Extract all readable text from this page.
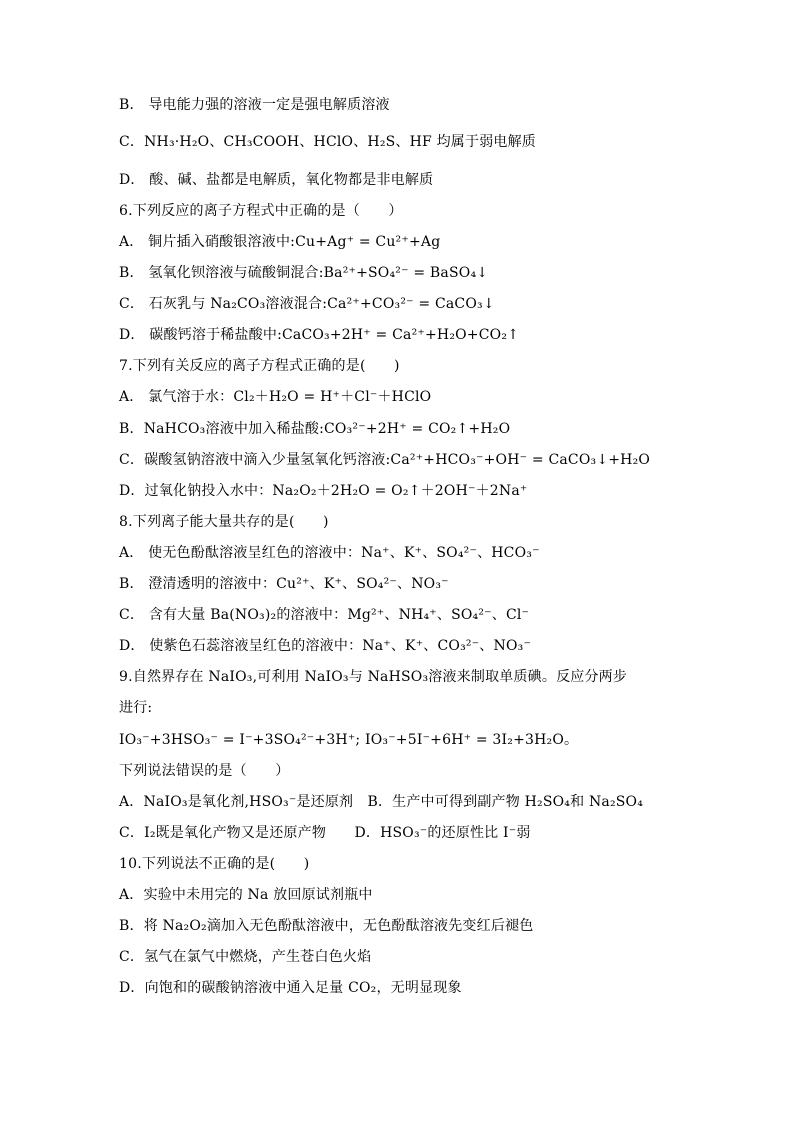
B． 导电能力强的溶液一定是强电解质溶液
C．NH₃·H₂O、CH₃COOH、HClO、H₂S、HF 均属于弱电解质
D． 酸、碱、盐都是电解质，氧化物都是非电解质
6.下列反应的离子方程式中正确的是（　　）
A． 铜片插入硝酸银溶液中:Cu+Ag⁺ = Cu²⁺+Ag
B． 氢氧化钡溶液与硫酸铜混合:Ba²⁺+SO₄²⁻ = BaSO₄↓
C． 石灰乳与 Na₂CO₃溶液混合:Ca²⁺+CO₃²⁻ = CaCO₃↓
D． 碳酸钙溶于稀盐酸中:CaCO₃+2H⁺ = Ca²⁺+H₂O+CO₂↑
7.下列有关反应的离子方程式正确的是(　　)
A． 氯气溶于水：Cl₂＋H₂O = H⁺＋Cl⁻＋HClO
B．NaHCO₃溶液中加入稀盐酸:CO₃²⁻+2H⁺ = CO₂↑+H₂O
C．碳酸氢钠溶液中滴入少量氢氧化钙溶液:Ca²⁺+HCO₃⁻+OH⁻ = CaCO₃↓+H₂O
D．过氧化钠投入水中：Na₂O₂＋2H₂O = O₂↑＋2OH⁻＋2Na⁺
8.下列离子能大量共存的是(　　)
A． 使无色酚酞溶液呈红色的溶液中：Na⁺、K⁺、SO₄²⁻、HCO₃⁻
B． 澄清透明的溶液中：Cu²⁺、K⁺、SO₄²⁻、NO₃⁻
C． 含有大量 Ba(NO₃)₂的溶液中：Mg²⁺、NH₄⁺、SO₄²⁻、Cl⁻
D． 使紫色石蕊溶液呈红色的溶液中：Na⁺、K⁺、CO₃²⁻、NO₃⁻
9.自然界存在 NaIO₃,可利用 NaIO₃与 NaHSO₃溶液来制取单质碘。反应分两步
进行:
IO₃⁻+3HSO₃⁻ = I⁻+3SO₄²⁻+3H⁺; IO₃⁻+5I⁻+6H⁺ = 3I₂+3H₂O。
下列说法错误的是（　　）
A．NaIO₃是氧化剂,HSO₃⁻是还原剂　B．生产中可得到副产物 H₂SO₄和 Na₂SO₄
C．I₂既是氧化产物又是还原产物　　D．HSO₃⁻的还原性比 I⁻弱
10.下列说法不正确的是(　　)
A．实验中未用完的 Na 放回原试剂瓶中
B．将 Na₂O₂滴加入无色酚酞溶液中，无色酚酞溶液先变红后褪色
C．氢气在氯气中燃烧，产生苍白色火焰
D．向饱和的碳酸钠溶液中通入足量 CO₂，无明显现象
